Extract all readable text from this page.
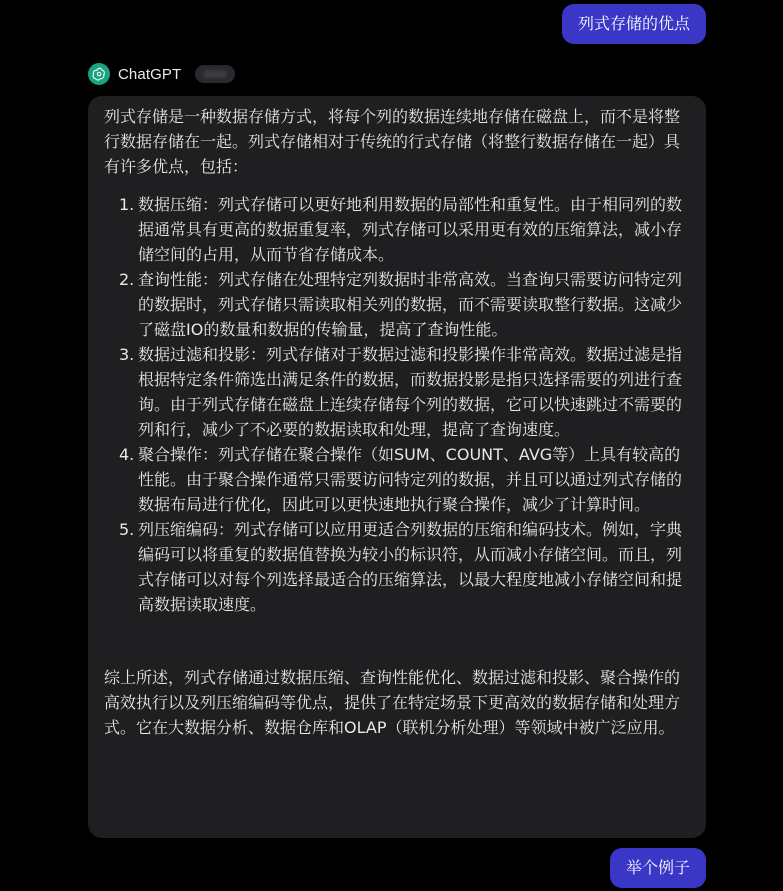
列式存储的优点
ChatGPT

列式存储是一种数据存储方式，将每个列的数据连续地存储在磁盘上，而不是将整行数据存储在一起。列式存储相对于传统的行式存储（将整行数据存储在一起）具有许多优点，包括：

1. 数据压缩：列式存储可以更好地利用数据的局部性和重复性。由于相同列的数据通常具有更高的数据重复率，列式存储可以采用更有效的压缩算法，减小存储空间的占用，从而节省存储成本。
2. 查询性能：列式存储在处理特定列数据时非常高效。当查询只需要访问特定列的数据时，列式存储只需读取相关列的数据，而不需要读取整行数据。这减少了磁盘IO的数量和数据的传输量，提高了查询性能。
3. 数据过滤和投影：列式存储对于数据过滤和投影操作非常高效。数据过滤是指根据特定条件筛选出满足条件的数据，而数据投影是指只选择需要的列进行查询。由于列式存储在磁盘上连续存储每个列的数据，它可以快速跳过不需要的列和行，减少了不必要的数据读取和处理，提高了查询速度。
4. 聚合操作：列式存储在聚合操作（如SUM、COUNT、AVG等）上具有较高的性能。由于聚合操作通常只需要访问特定列的数据，并且可以通过列式存储的数据布局进行优化，因此可以更快速地执行聚合操作，减少了计算时间。
5. 列压缩编码：列式存储可以应用更适合列数据的压缩和编码技术。例如，字典编码可以将重复的数据值替换为较小的标识符，从而减小存储空间。而且，列式存储可以对每个列选择最适合的压缩算法，以最大程度地减小存储空间和提高数据读取速度。

综上所述，列式存储通过数据压缩、查询性能优化、数据过滤和投影、聚合操作的高效执行以及列压缩编码等优点，提供了在特定场景下更高效的数据存储和处理方式。它在大数据分析、数据仓库和OLAP（联机分析处理）等领域中被广泛应用。

举个例子
